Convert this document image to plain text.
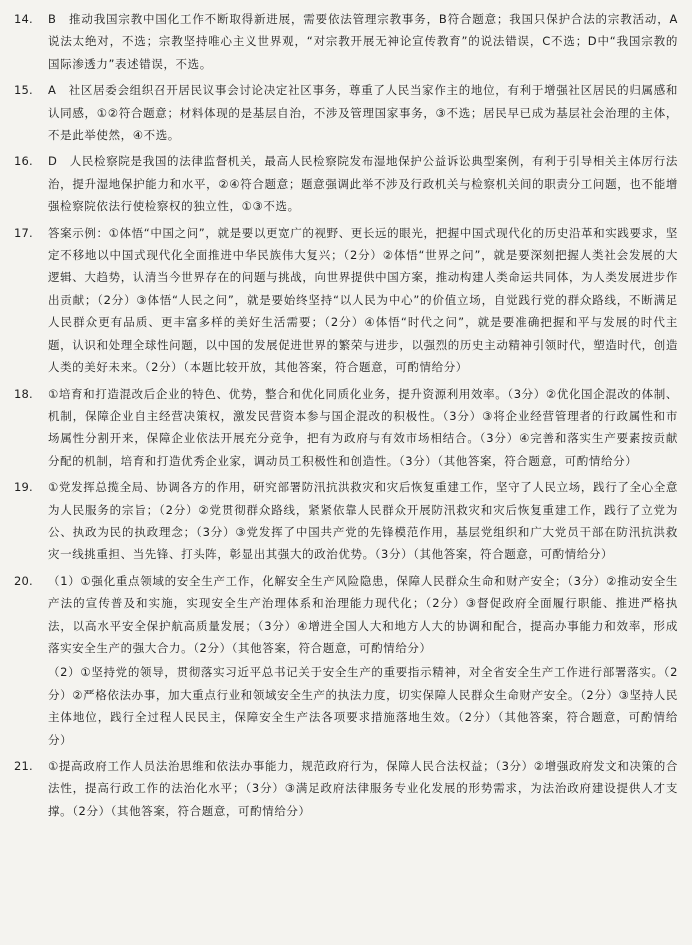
14.	B　推动我国宗教中国化工作不断取得新进展，需要依法管理宗教事务，B符合题意；我国只保护合法的宗教活动，A说法太绝对，不选；宗教坚持唯心主义世界观，“对宗教开展无神论宣传教育”的说法错误，C不选；D中“我国宗教的国际渗透力”表述错误，不选。

15.	A　社区居委会组织召开居民议事会讨论决定社区事务，尊重了人民当家作主的地位，有利于增强社区居民的归属感和认同感，①②符合题意；材料体现的是基层自治，不涉及管理国家事务，③不选；居民早已成为基层社会治理的主体，不是此举使然，④不选。

16.	D　人民检察院是我国的法律监督机关，最高人民检察院发布湿地保护公益诉讼典型案例，有利于引导相关主体厉行法治，提升湿地保护能力和水平，②④符合题意；题意强调此举不涉及行政机关与检察机关间的职责分工问题，也不能增强检察院依法行使检察权的独立性，①③不选。

17.	答案示例：①体悟“中国之问”，就是要以更宽广的视野、更长远的眼光，把握中国式现代化的历史沿革和实践要求，坚定不移地以中国式现代化全面推进中华民族伟大复兴；（2分）②体悟“世界之问”，就是要深刻把握人类社会发展的大逻辑、大趋势，认清当今世界存在的问题与挑战，向世界提供中国方案，推动构建人类命运共同体，为人类发展进步作出贡献；（2分）③体悟“人民之问”，就是要始终坚持“以人民为中心”的价值立场，自觉践行党的群众路线，不断满足人民群众更有品质、更丰富多样的美好生活需要；（2分）④体悟“时代之问”，就是要准确把握和平与发展的时代主题，认识和处理全球性问题，以中国的发展促进世界的繁荣与进步，以强烈的历史主动精神引领时代，塑造时代，创造人类的美好未来。（2分）（本题比较开放，其他答案，符合题意，可酌情给分）

18.	①培育和打造混改后企业的特色、优势，整合和优化同质化业务，提升资源利用效率。（3分）②优化国企混改的体制、机制，保障企业自主经营决策权，激发民营资本参与国企混改的积极性。（3分）③将企业经营管理者的行政属性和市场属性分割开来，保障企业依法开展充分竞争，把有为政府与有效市场相结合。（3分）④完善和落实生产要素按贡献分配的机制，培育和打造优秀企业家，调动员工积极性和创造性。（3分）（其他答案，符合题意，可酌情给分）

19.	①党发挥总揽全局、协调各方的作用，研究部署防汛抗洪救灾和灾后恢复重建工作，坚守了人民立场，践行了全心全意为人民服务的宗旨；（2分）②党贯彻群众路线，紧紧依靠人民群众开展防汛救灾和灾后恢复重建工作，践行了立党为公、执政为民的执政理念；（3分）③党发挥了中国共产党的先锋模范作用，基层党组织和广大党员干部在防汛抗洪救灾一线挑重担、当先锋、打头阵，彰显出其强大的政治优势。（3分）（其他答案，符合题意，可酌情给分）

20.	（1）①强化重点领域的安全生产工作，化解安全生产风险隐患，保障人民群众生命和财产安全；（3分）②推动安全生产法的宣传普及和实施，实现安全生产治理体系和治理能力现代化；（2分）③督促政府全面履行职能、推进严格执法，以高水平安全保护航高质量发展；（3分）④增进全国人大和地方人大的协调和配合，提高办事能力和效率，形成落实安全生产的强大合力。（2分）（其他答案，符合题意，可酌情给分）

（2）①坚持党的领导，贯彻落实习近平总书记关于安全生产的重要指示精神，对全省安全生产工作进行部署落实。（2分）②严格依法办事，加大重点行业和领域安全生产的执法力度，切实保障人民群众生命财产安全。（2分）③坚持人民主体地位，践行全过程人民民主，保障安全生产法各项要求措施落地生效。（2分）（其他答案，符合题意，可酌情给分）

21.	①提高政府工作人员法治思维和依法办事能力，规范政府行为，保障人民合法权益；（3分）②增强政府发文和决策的合法性，提高行政工作的法治化水平；（3分）③满足政府法律服务专业化发展的形势需求，为法治政府建设提供人才支撑。（2分）（其他答案，符合题意，可酌情给分）
